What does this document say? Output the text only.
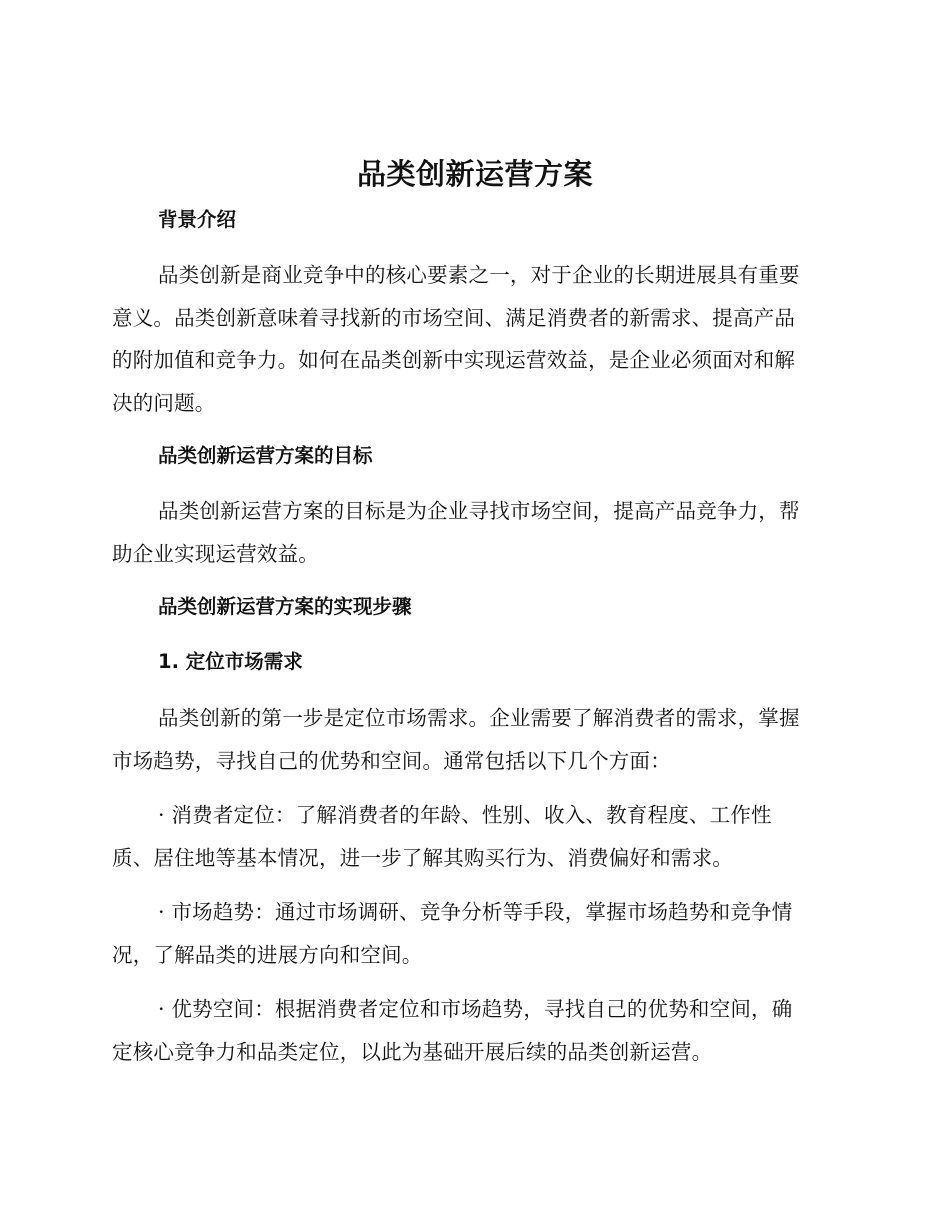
品类创新运营方案
背景介绍
品类创新是商业竞争中的核心要素之一，对于企业的长期进展具有重要
意义。品类创新意味着寻找新的市场空间、满足消费者的新需求、提高产品
的附加值和竞争力。如何在品类创新中实现运营效益，是企业必须面对和解
决的问题。
品类创新运营方案的目标
品类创新运营方案的目标是为企业寻找市场空间，提高产品竞争力，帮
助企业实现运营效益。
品类创新运营方案的实现步骤
1. 定位市场需求
品类创新的第一步是定位市场需求。企业需要了解消费者的需求，掌握
市场趋势，寻找自己的优势和空间。通常包括以下几个方面：
· 消费者定位：了解消费者的年龄、性别、收入、教育程度、工作性
质、居住地等基本情况，进一步了解其购买行为、消费偏好和需求。
· 市场趋势：通过市场调研、竞争分析等手段，掌握市场趋势和竞争情
况，了解品类的进展方向和空间。
· 优势空间：根据消费者定位和市场趋势，寻找自己的优势和空间，确
定核心竞争力和品类定位，以此为基础开展后续的品类创新运营。
